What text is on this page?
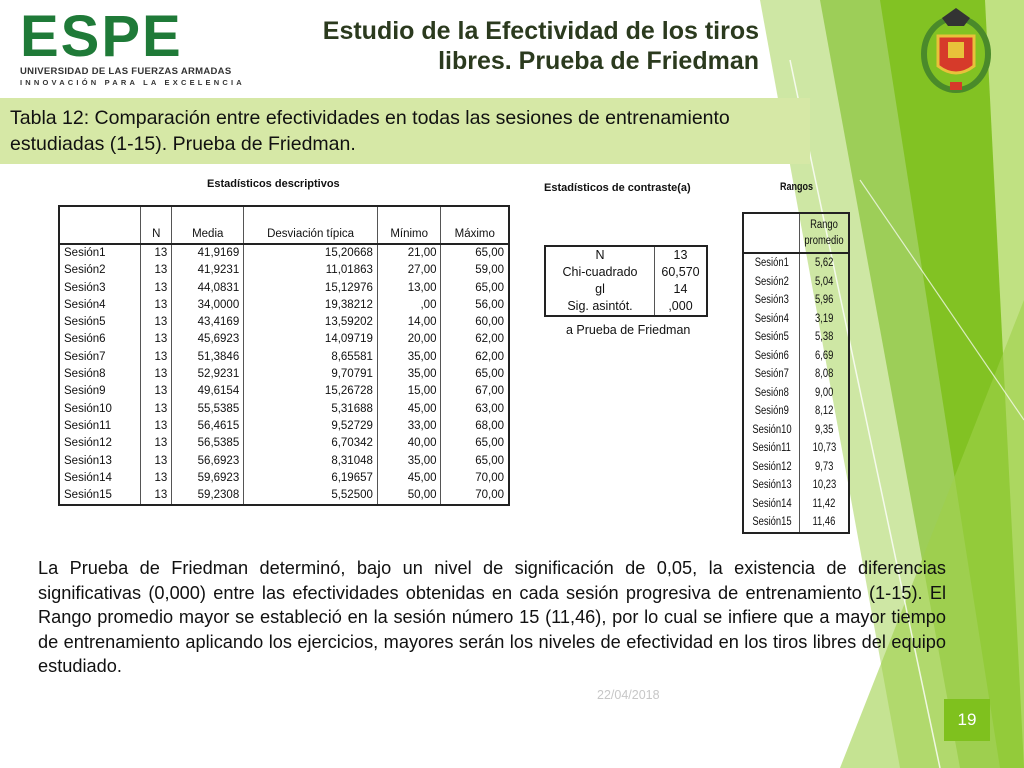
ESPE
UNIVERSIDAD DE LAS FUERZAS ARMADAS
INNOVACIÓN PARA LA EXCELENCIA
Estudio de la Efectividad de los tiros
libres. Prueba de Friedman

Tabla 12: Comparación entre efectividades en todas las sesiones de entrenamiento estudiadas (1-15). Prueba de Friedman.

Estadísticos descriptivos
	N	Media	Desviación típica	Mínimo	Máximo
Sesión1	13	41,9169	15,20668	21,00	65,00
Sesión2	13	41,9231	11,01863	27,00	59,00
Sesión3	13	44,0831	15,12976	13,00	65,00
Sesión4	13	34,0000	19,38212	,00	56,00
Sesión5	13	43,4169	13,59202	14,00	60,00
Sesión6	13	45,6923	14,09719	20,00	62,00
Sesión7	13	51,3846	8,65581	35,00	62,00
Sesión8	13	52,9231	9,70791	35,00	65,00
Sesión9	13	49,6154	15,26728	15,00	67,00
Sesión10	13	55,5385	5,31688	45,00	63,00
Sesión11	13	56,4615	9,52729	33,00	68,00
Sesión12	13	56,5385	6,70342	40,00	65,00
Sesión13	13	56,6923	8,31048	35,00	65,00
Sesión14	13	59,6923	6,19657	45,00	70,00
Sesión15	13	59,2308	5,52500	50,00	70,00
Estadísticos de contraste(a)
N	13
Chi-cuadrado	60,570
gl	14
Sig. asintót.	,000
a Prueba de Friedman
Rangos
	Rango promedio
Sesión1	5,62
Sesión2	5,04
Sesión3	5,96
Sesión4	3,19
Sesión5	5,38
Sesión6	6,69
Sesión7	8,08
Sesión8	9,00
Sesión9	8,12
Sesión10	9,35
Sesión11	10,73
Sesión12	9,73
Sesión13	10,23
Sesión14	11,42
Sesión15	11,46

La Prueba de Friedman determinó, bajo un nivel de significación de 0,05, la existencia de diferencias significativas (0,000) entre las efectividades obtenidas en cada sesión progresiva de entrenamiento (1-15). El Rango promedio mayor se estableció en la sesión número 15 (11,46), por lo cual se infiere que a mayor tiempo de entrenamiento aplicando los ejercicios, mayores serán los niveles de efectividad en los tiros libres del equipo estudiado.

22/04/2018
19
